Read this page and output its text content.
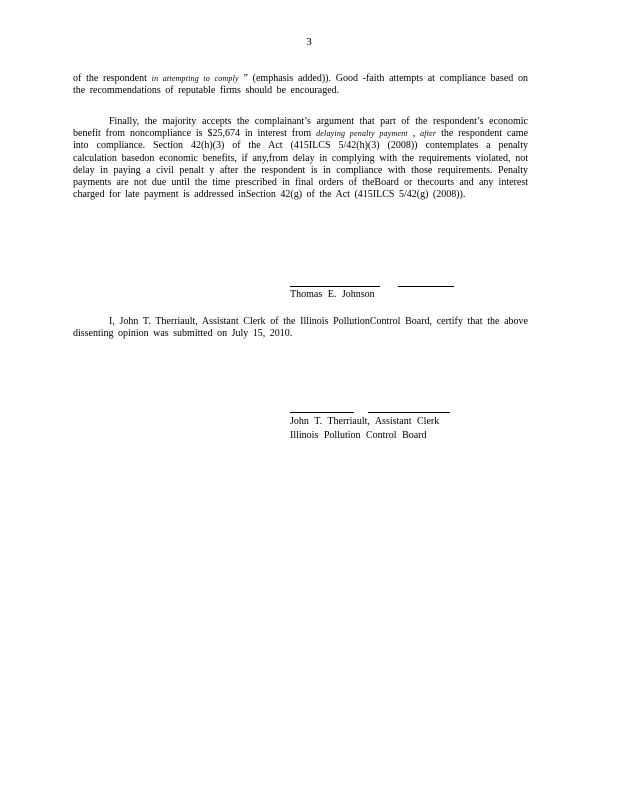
3
of the respondent in attempting to comply ” (emphasis added)). Good -faith attempts at compliance based on the recommendations of reputable firms should be encouraged.
Finally, the majority accepts the complainant’s argument that part of the respondent’s economic benefit from noncompliance is $25,674 in interest from delaying penalty payment , after the respondent came into compliance. Section 42(h)(3) of the Act (415ILCS 5/42(h)(3) (2008)) contemplates a penalty calculation basedon economic benefits, if any,from delay in complying with the requirements violated, not delay in paying a civil penalt y after the respondent is in compliance with those requirements. Penalty payments are not due until the time prescribed in final orders of theBoard or thecourts and any interest charged for late payment is addressed inSection 42(g) of the Act (415ILCS 5/42(g) (2008)).
Thomas E. Johnson
I, John T. Therriault, Assistant Clerk of the Illinois PollutionControl Board, certify that the above dissenting opinion was submitted on July 15, 2010.
John T. Therriault, Assistant Clerk
Illinois Pollution Control Board
